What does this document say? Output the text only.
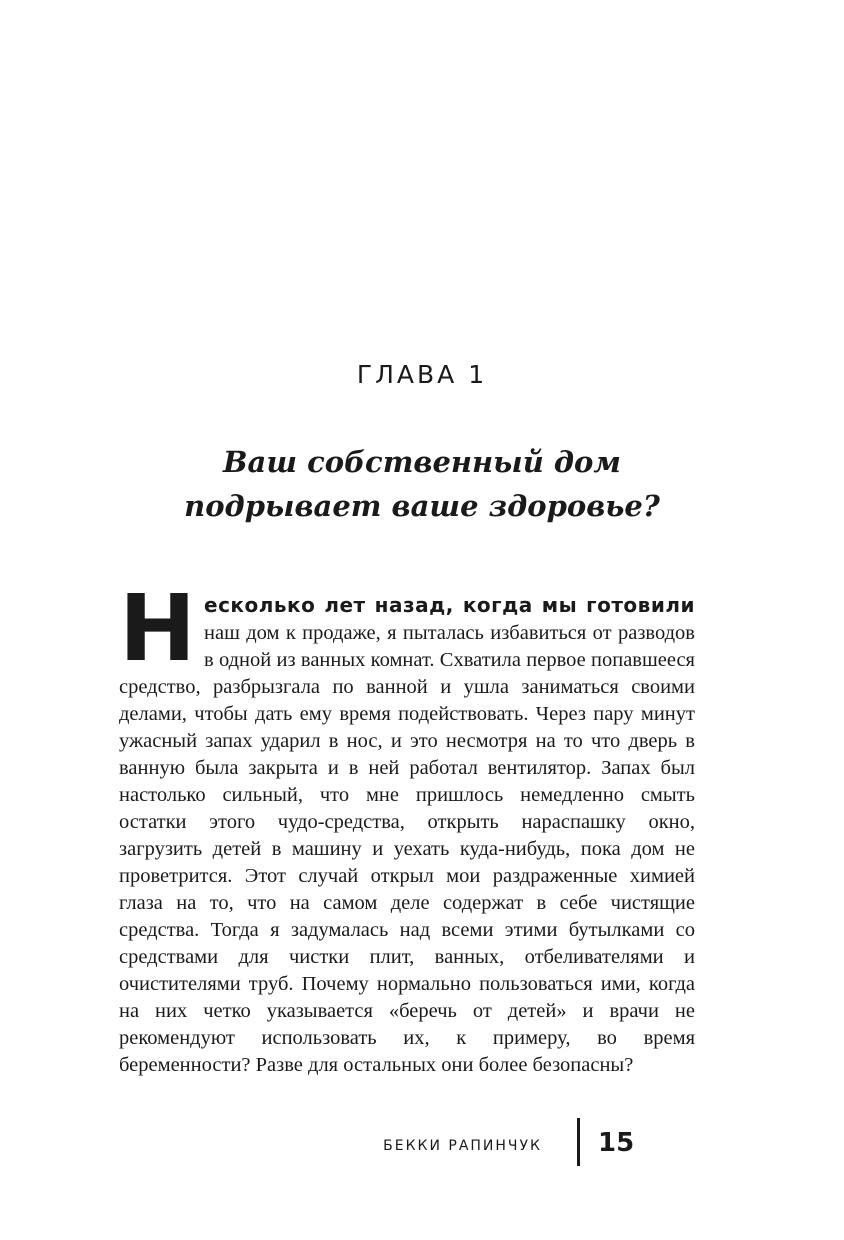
ГЛАВА 1
Ваш собственный дом
подрывает ваше здоровье?
Н есколько лет назад, когда мы готовили наш дом к продаже, я пыталась избавиться от разводов в одной из ванных комнат. Схватила первое попавшееся средство, разбрызгала по ванной и ушла заниматься своими делами, чтобы дать ему время подействовать. Через пару минут ужасный запах ударил в нос, и это несмотря на то что дверь в ванную была закрыта и в ней работал вентилятор. Запах был настолько сильный, что мне пришлось немедленно смыть остатки этого чудо-средства, открыть нараспашку окно, загрузить детей в машину и уехать куда-нибудь, пока дом не проветрится. Этот случай открыл мои раздраженные химией глаза на то, что на самом деле содержат в себе чистящие средства. Тогда я задумалась над всеми этими бутылками со средствами для чистки плит, ванных, отбеливателями и очистителями труб. Почему нормально пользоваться ими, когда на них четко указывается «беречь от детей» и врачи не рекомендуют использовать их, к примеру, во время беременности? Разве для остальных они более безопасны?
БЕККИ РАПИНЧУК 15
